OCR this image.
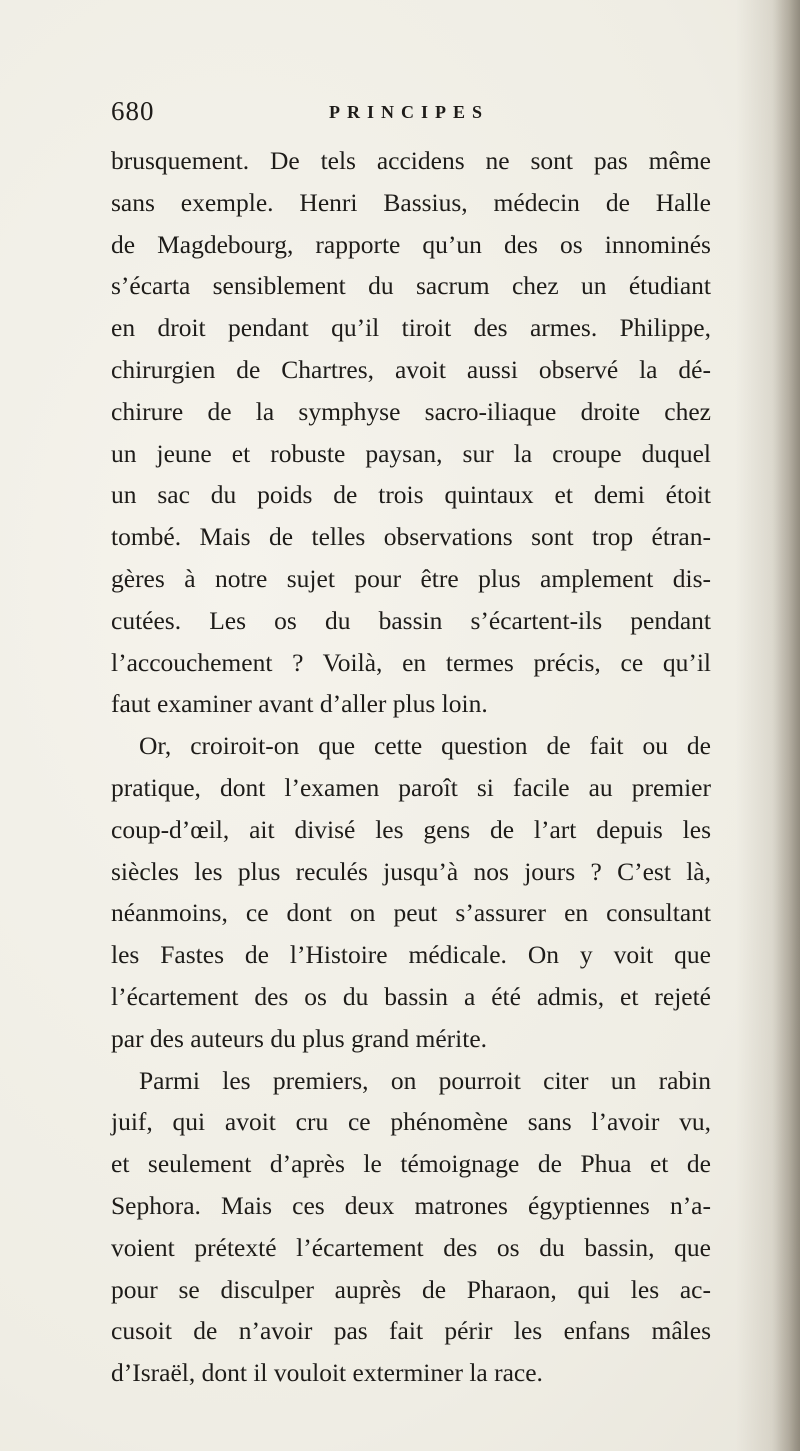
680	PRINCIPES
brusquement. De tels accidens ne sont pas même
sans exemple. Henri Bassius, médecin de Halle
de Magdebourg, rapporte qu’un des os innominés
s’écarta sensiblement du sacrum chez un étudiant
en droit pendant qu’il tiroit des armes. Philippe,
chirurgien de Chartres, avoit aussi observé la dé-
chirure de la symphyse sacro-iliaque droite chez
un jeune et robuste paysan, sur la croupe duquel
un sac du poids de trois quintaux et demi étoit
tombé. Mais de telles observations sont trop étran-
gères à notre sujet pour être plus amplement dis-
cutées. Les os du bassin s’écartent-ils pendant
l’accouchement ? Voilà, en termes précis, ce qu’il
faut examiner avant d’aller plus loin.
Or, croiroit-on que cette question de fait ou de
pratique, dont l’examen paroît si facile au premier
coup-d’œil, ait divisé les gens de l’art depuis les
siècles les plus reculés jusqu’à nos jours ? C’est là,
néanmoins, ce dont on peut s’assurer en consultant
les Fastes de l’Histoire médicale. On y voit que
l’écartement des os du bassin a été admis, et rejeté
par des auteurs du plus grand mérite.
Parmi les premiers, on pourroit citer un rabin
juif, qui avoit cru ce phénomène sans l’avoir vu,
et seulement d’après le témoignage de Phua et de
Sephora. Mais ces deux matrones égyptiennes n’a-
voient prétexté l’écartement des os du bassin, que
pour se disculper auprès de Pharaon, qui les ac-
cusoit de n’avoir pas fait périr les enfans mâles
d’Israël, dont il vouloit exterminer la race.
